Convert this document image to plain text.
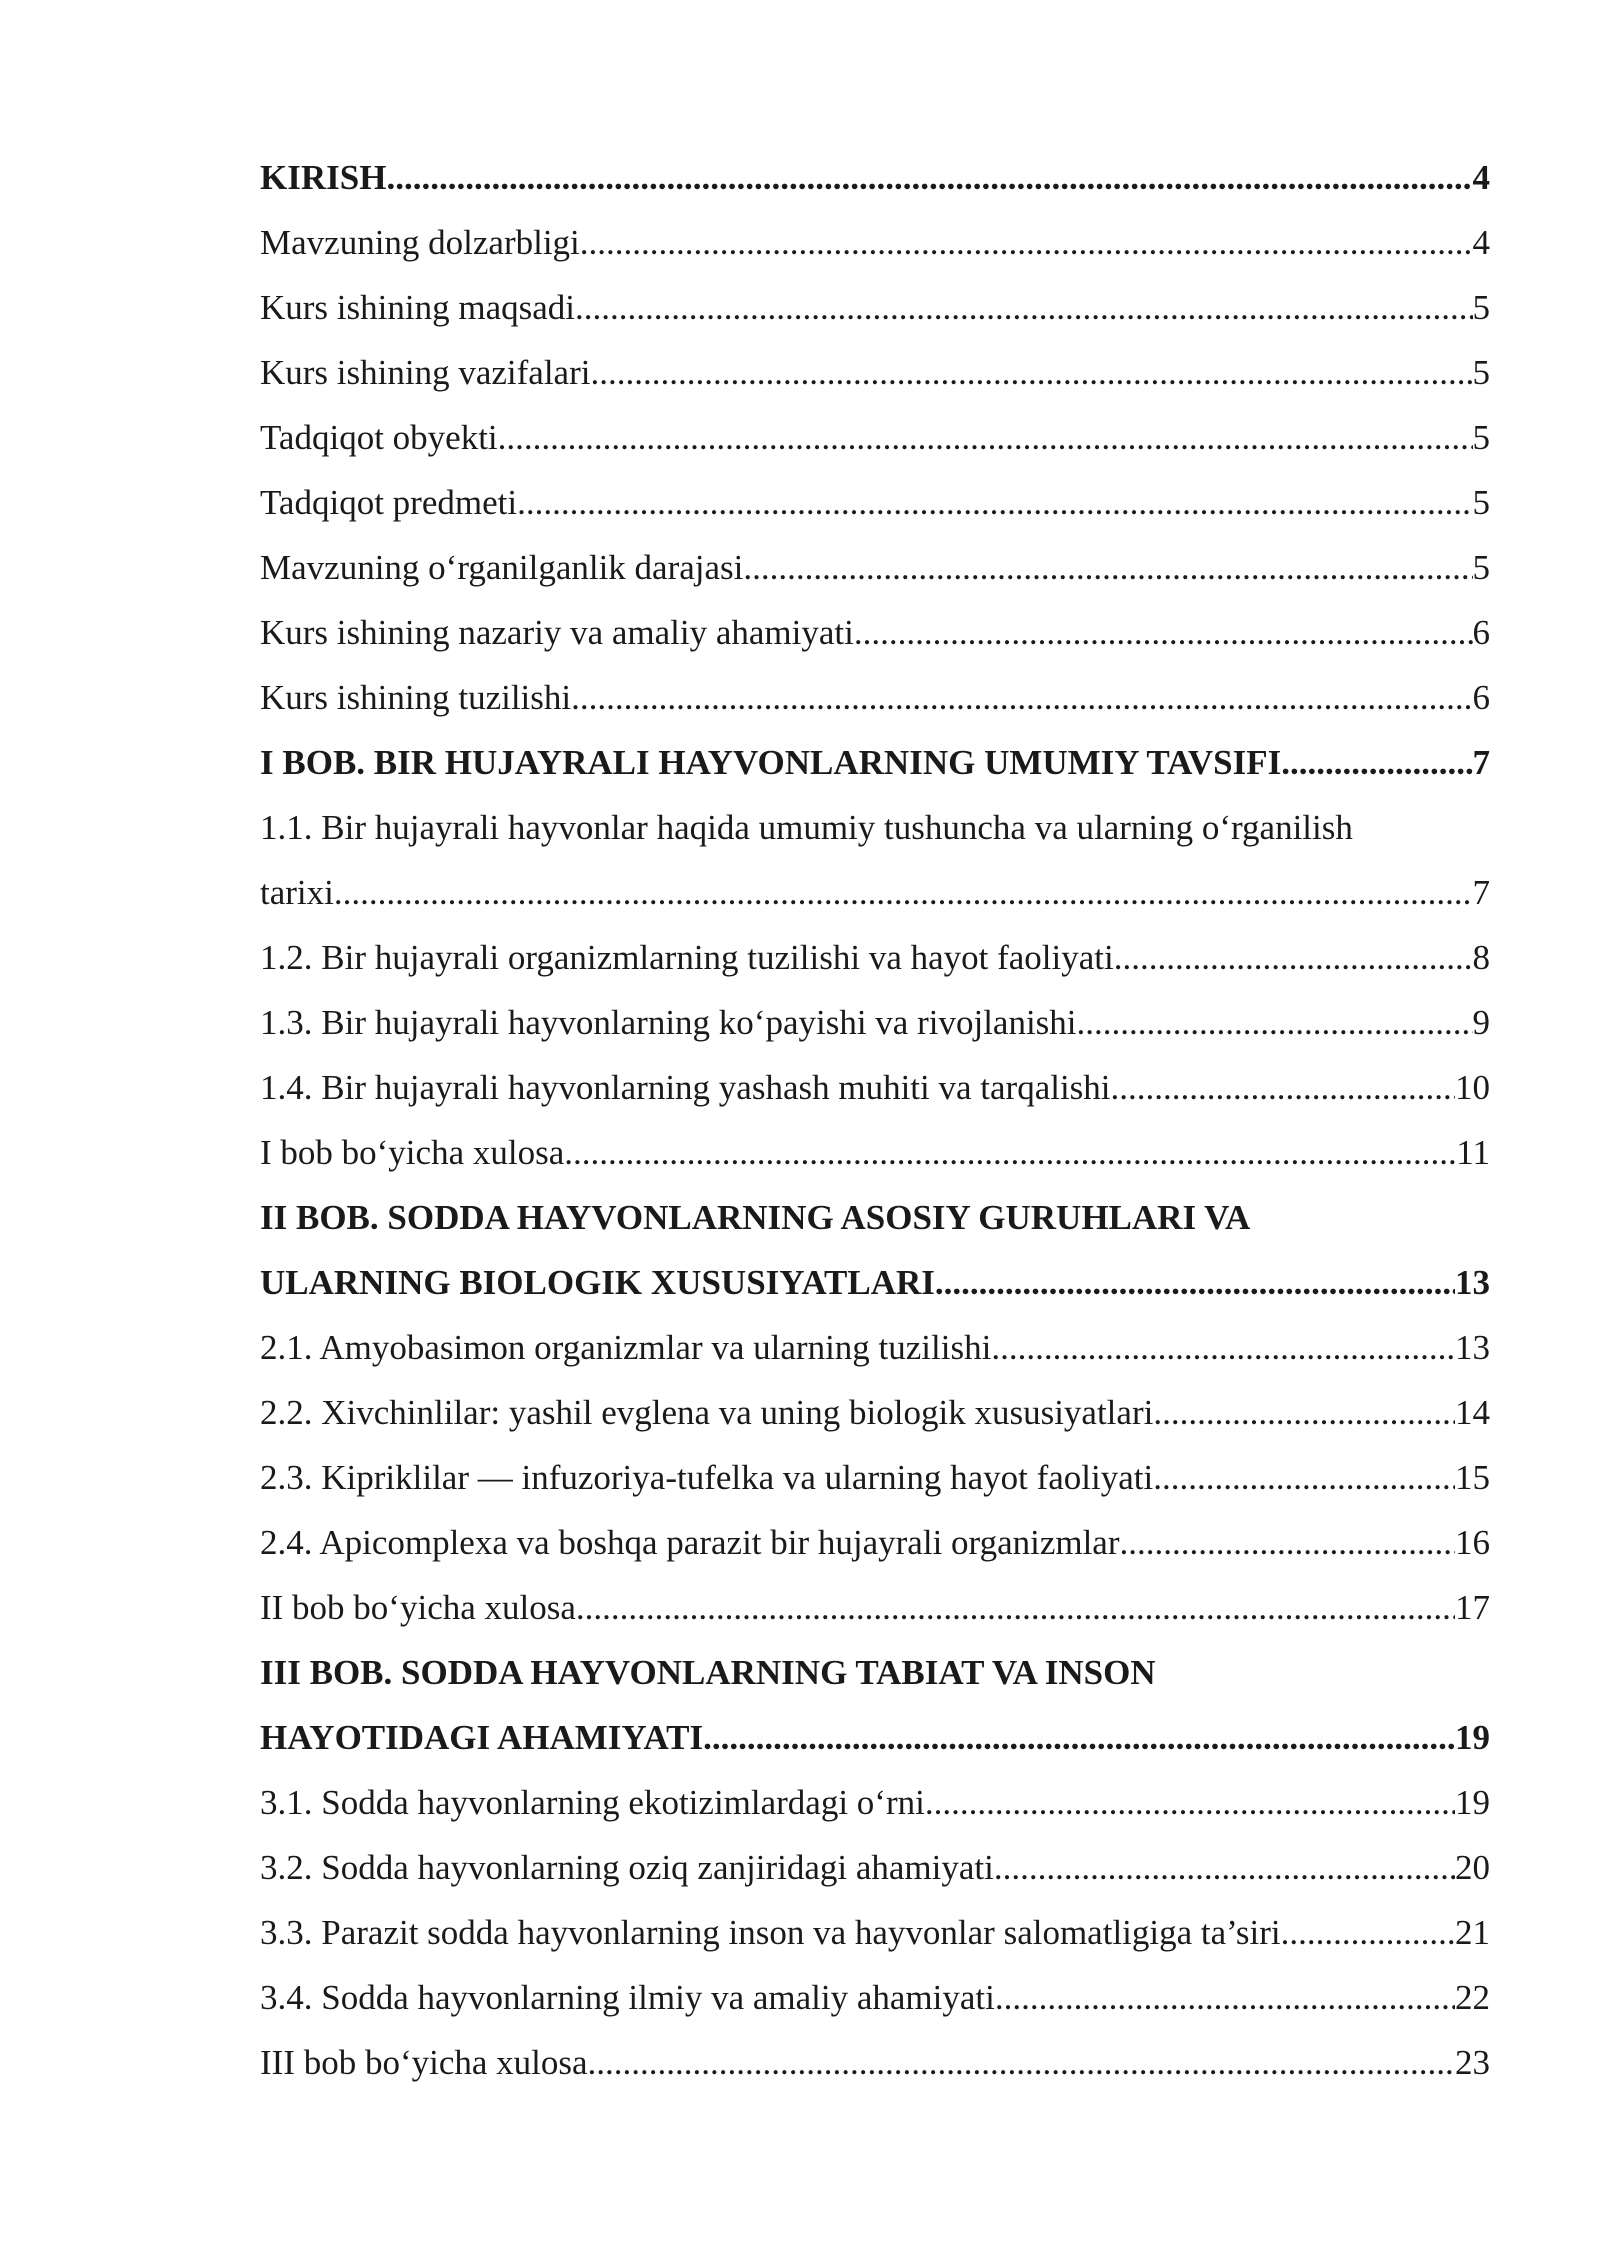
KIRISH .....	4
Mavzuning dolzarbligi .....	4
Kurs ishining maqsadi .....	5
Kurs ishining vazifalari .....	5
Tadqiqot obyekti .....	5
Tadqiqot predmeti .....	5
Mavzuning o‘rganilganlik darajasi .....	5
Kurs ishining nazariy va amaliy ahamiyati .....	6
Kurs ishining tuzilishi .....	6
I BOB. BIR HUJAYRALI HAYVONLARNING UMUMIY TAVSIFI .....	7
1.1. Bir hujayrali hayvonlar haqida umumiy tushuncha va ularning o‘rganilish
tarixi .....	7
1.2. Bir hujayrali organizmlarning tuzilishi va hayot faoliyati .....	8
1.3. Bir hujayrali hayvonlarning ko‘payishi va rivojlanishi .....	9
1.4. Bir hujayrali hayvonlarning yashash muhiti va tarqalishi .....	10
I bob bo‘yicha xulosa .....	11
II BOB. SODDA HAYVONLARNING ASOSIY GURUHLARI VA
ULARNING BIOLOGIK XUSUSIYATLARI .....	13
2.1. Amyobasimon organizmlar va ularning tuzilishi .....	13
2.2. Xivchinlilar: yashil evglena va uning biologik xususiyatlari .....	14
2.3. Kipriklilar — infuzoriya-tufelka va ularning hayot faoliyati .....	15
2.4. Apicomplexa va boshqa parazit bir hujayrali organizmlar .....	16
II bob bo‘yicha xulosa .....	17
III BOB. SODDA HAYVONLARNING TABIAT VA INSON
HAYOTIDAGI AHAMIYATI .....	19
3.1. Sodda hayvonlarning ekotizimlardagi o‘rni .....	19
3.2. Sodda hayvonlarning oziq zanjiridagi ahamiyati .....	20
3.3. Parazit sodda hayvonlarning inson va hayvonlar salomatligiga ta’siri .....	21
3.4. Sodda hayvonlarning ilmiy va amaliy ahamiyati .....	22
III bob bo‘yicha xulosa .....	23
